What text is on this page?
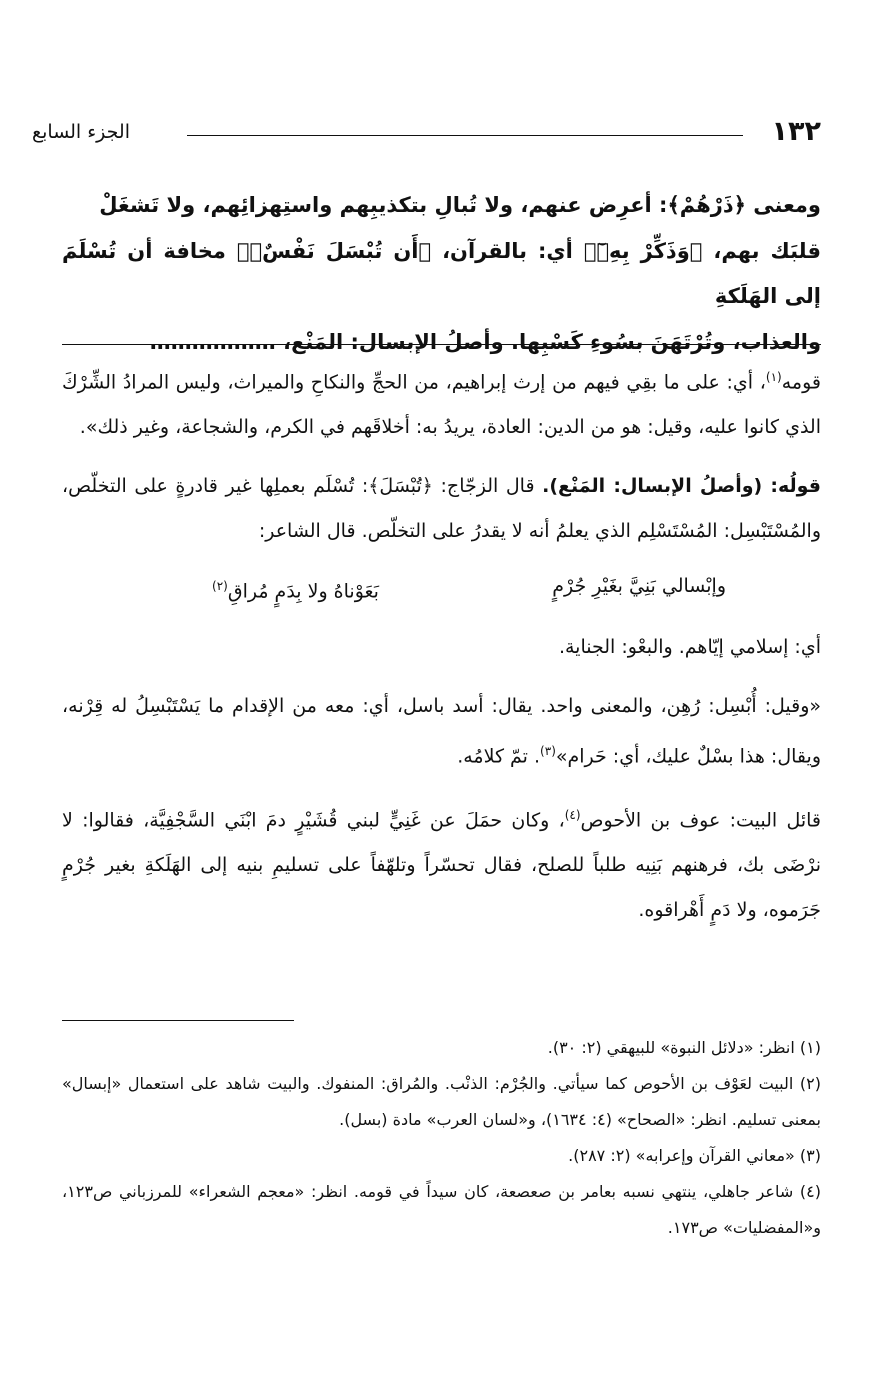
١٣٢
الجزء السابع
ومعنى ﴿ذَرْهُمْ﴾: أعرِض عنهم، ولا تُبالِ بتكذيبِهم واستِهزائِهم، ولا تَشغَلْ
قلبَك بهم، ﴿وَذَكِّرْ بِهِۦٓ﴾ أي: بالقرآن، ﴿أَن تُبْسَلَ نَفْسٌۢ﴾ مخافة أن تُسْلَمَ إلى الهَلَكةِ
والعذاب، وتُرْتَهَنَ بسُوءِ كَسْبِها. وأصلُ الإبسال: المَنْع، ………………

قومه$^{(١)}$، أي: على ما بقِي فيهم من إرث إبراهيم، من الحجِّ والنكاحِ والميراث، وليس المرادُ الشِّرْكَ الذي كانوا عليه، وقيل: هو من الدين: العادة، يريدُ به: أخلاقَهم في الكرم، والشجاعة، وغير ذلك».

قولُه: (وأصلُ الإبسال: المَنْع). قال الزجّاج: ﴿تُبْسَلَ﴾: تُسْلَم بعملِها غير قادرةٍ على التخلّص، والمُسْتَبْسِل: المُسْتَسْلِم الذي يعلمُ أنه لا يقدرُ على التخلّص. قال الشاعر:

وإبْسالي بَنِيَّ بغَيْرِ جُرْمٍ
بَعَوْناهُ ولا بِدَمٍ مُراقِ$^{(٢)}$

أي: إسلامي إيّاهم. والبعْو: الجناية.

«وقيل: أُبْسِل: رُهِن، والمعنى واحد. يقال: أسد باسل، أي: معه من الإقدام ما يَسْتَبْسِلُ له قِرْنه، ويقال: هذا بسْلٌ عليك، أي: حَرام»$^{(٣)}$. تمّ كلامُه.

قائل البيت: عوف بن الأحوص$^{(٤)}$، وكان حمَلَ عن غَنِيٍّ لبني قُشَيْرٍ دمَ ابْنَي السَّجْفِيَّة، فقالوا: لا نرْضَى بك، فرهنهم بَنِيه طلباً للصلح، فقال تحسّراً وتلهّفاً على تسليمِ بنيه إلى الهَلَكةِ بغير جُرْمٍ جَرَموه، ولا دَمٍ أَهْراقوه.

(١) انظر: «دلائل النبوة» للبيهقي (٢: ٣٠).
(٢) البيت لعَوْف بن الأحوص كما سيأتي. والجُرْم: الذنْب. والمُراق: المنفوك. والبيت شاهد على استعمال «إبسال» بمعنى تسليم. انظر: «الصحاح» (٤: ١٦٣٤)، و«لسان العرب» مادة (بسل).
(٣) «معاني القرآن وإعرابه» (٢: ٢٨٧).
(٤) شاعر جاهلي، ينتهي نسبه بعامر بن صعصعة، كان سيداً في قومه. انظر: «معجم الشعراء» للمرزباني ص١٢٣، و«المفضليات» ص١٧٣.
